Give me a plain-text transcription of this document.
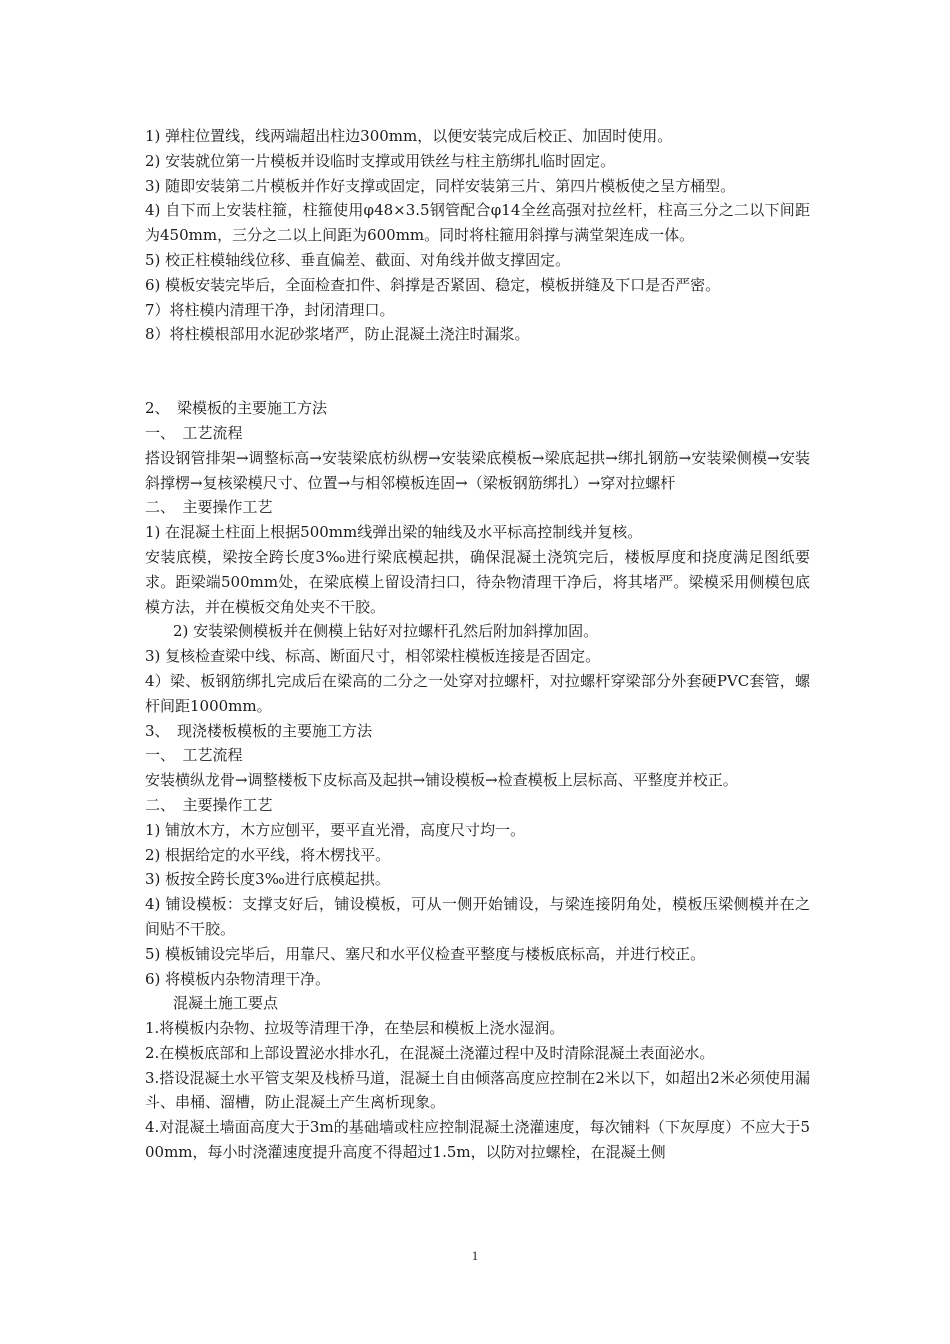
1) 弹柱位置线，线两端超出柱边300mm，以便安装完成后校正、加固时使用。

2) 安装就位第一片模板并设临时支撑或用铁丝与柱主筋绑扎临时固定。

3) 随即安装第二片模板并作好支撑或固定，同样安装第三片、第四片模板使之呈方桶型。

4) 自下而上安装柱箍，柱箍使用φ48×3.5钢管配合φ14全丝高强对拉丝杆，柱高三分之二以下间距为450mm，三分之二以上间距为600mm。同时将柱箍用斜撑与满堂架连成一体。

5) 校正柱模轴线位移、垂直偏差、截面、对角线并做支撑固定。

6) 模板安装完毕后，全面检查扣件、斜撑是否紧固、稳定，模板拼缝及下口是否严密。

7）将柱模内清理干净，封闭清理口。

8）将柱模根部用水泥砂浆堵严，防止混凝土浇注时漏浆。

2、　梁模板的主要施工方法

一、　工艺流程

搭设钢管排架→调整标高→安装梁底枋纵楞→安装梁底模板→梁底起拱→绑扎钢筋→安装梁侧模→安装斜撑楞→复核梁模尺寸、位置→与相邻模板连固→（梁板钢筋绑扎）→穿对拉螺杆

二、　主要操作工艺

1) 在混凝土柱面上根据500mm线弹出梁的轴线及水平标高控制线并复核。

安装底模，梁按全跨长度3‰进行梁底模起拱，确保混凝土浇筑完后，楼板厚度和挠度满足图纸要求。距梁端500mm处，在梁底模上留设清扫口，待杂物清理干净后，将其堵严。梁模采用侧模包底模方法，并在模板交角处夹不干胶。

2) 安装梁侧模板并在侧模上钻好对拉螺杆孔然后附加斜撑加固。

3) 复核检查梁中线、标高、断面尺寸，相邻梁柱模板连接是否固定。

4）梁、板钢筋绑扎完成后在梁高的二分之一处穿对拉螺杆，对拉螺杆穿梁部分外套硬PVC套管，螺杆间距1000mm。

3、　现浇楼板模板的主要施工方法

一、　工艺流程

安装横纵龙骨→调整楼板下皮标高及起拱→铺设模板→检查模板上层标高、平整度并校正。

二、　主要操作工艺

1) 铺放木方，木方应刨平，要平直光滑，高度尺寸均一。

2) 根据给定的水平线，将木楞找平。

3) 板按全跨长度3‰进行底模起拱。

4) 铺设模板：支撑支好后，铺设模板，可从一侧开始铺设，与梁连接阴角处，模板压梁侧模并在之间贴不干胶。

5) 模板铺设完毕后，用靠尺、塞尺和水平仪检查平整度与楼板底标高，并进行校正。

6) 将模板内杂物清理干净。

混凝土施工要点

1.将模板内杂物、拉圾等清理干净，在垫层和模板上浇水湿润。

2.在模板底部和上部设置泌水排水孔，在混凝土浇灌过程中及时清除混凝土表面泌水。

3.搭设混凝土水平管支架及栈桥马道，混凝土自由倾落高度应控制在2米以下，如超出2米必须使用漏斗、串桶、溜槽，防止混凝土产生离析现象。

4.对混凝土墙面高度大于3m的基础墙或柱应控制混凝土浇灌速度，每次铺料（下灰厚度）不应大于500mm，每小时浇灌速度提升高度不得超过1.5m，以防对拉螺栓，在混凝土侧

1
